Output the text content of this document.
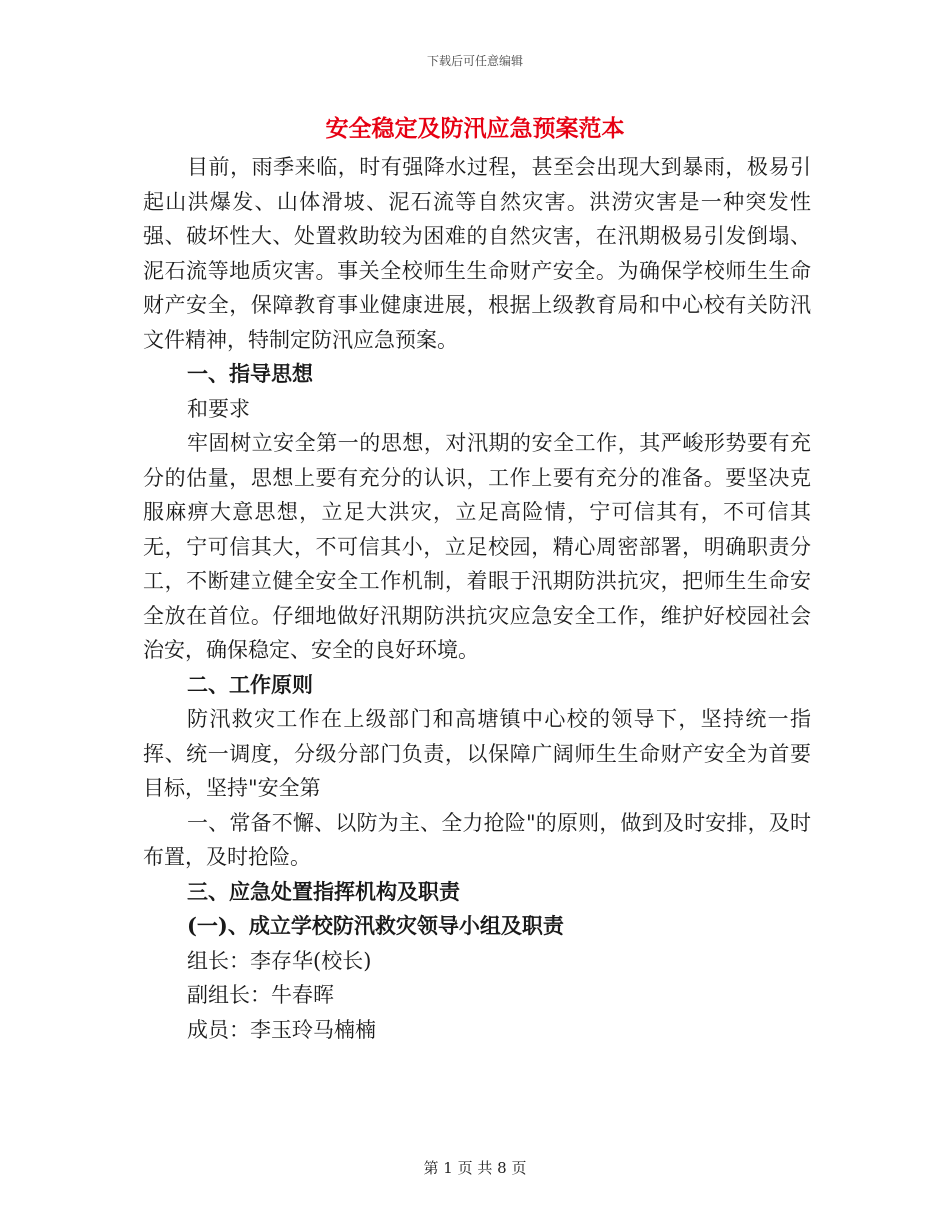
下载后可任意编辑
安全稳定及防汛应急预案范本

目前，雨季来临，时有强降水过程，甚至会出现大到暴雨，极易引起山洪爆发、山体滑坡、泥石流等自然灾害。洪涝灾害是一种突发性强、破坏性大、处置救助较为困难的自然灾害，在汛期极易引发倒塌、泥石流等地质灾害。事关全校师生生命财产安全。为确保学校师生生命财产安全，保障教育事业健康进展，根据上级教育局和中心校有关防汛文件精神，特制定防汛应急预案。

一、指导思想

和要求

牢固树立安全第一的思想，对汛期的安全工作，其严峻形势要有充分的估量，思想上要有充分的认识，工作上要有充分的准备。要坚决克服麻痹大意思想，立足大洪灾，立足高险情，宁可信其有，不可信其无，宁可信其大，不可信其小，立足校园，精心周密部署，明确职责分工，不断建立健全安全工作机制，着眼于汛期防洪抗灾，把师生生命安全放在首位。仔细地做好汛期防洪抗灾应急安全工作，维护好校园社会治安，确保稳定、安全的良好环境。

二、工作原则

防汛救灾工作在上级部门和高塘镇中心校的领导下，坚持统一指挥、统一调度，分级分部门负责，以保障广阔师生生命财产安全为首要目标，坚持"安全第

一、常备不懈、以防为主、全力抢险"的原则，做到及时安排，及时布置，及时抢险。

三、应急处置指挥机构及职责

(一)、成立学校防汛救灾领导小组及职责

组长：李存华(校长)

副组长：牛春晖

成员：李玉玲马楠楠

第 1 页 共 8 页
